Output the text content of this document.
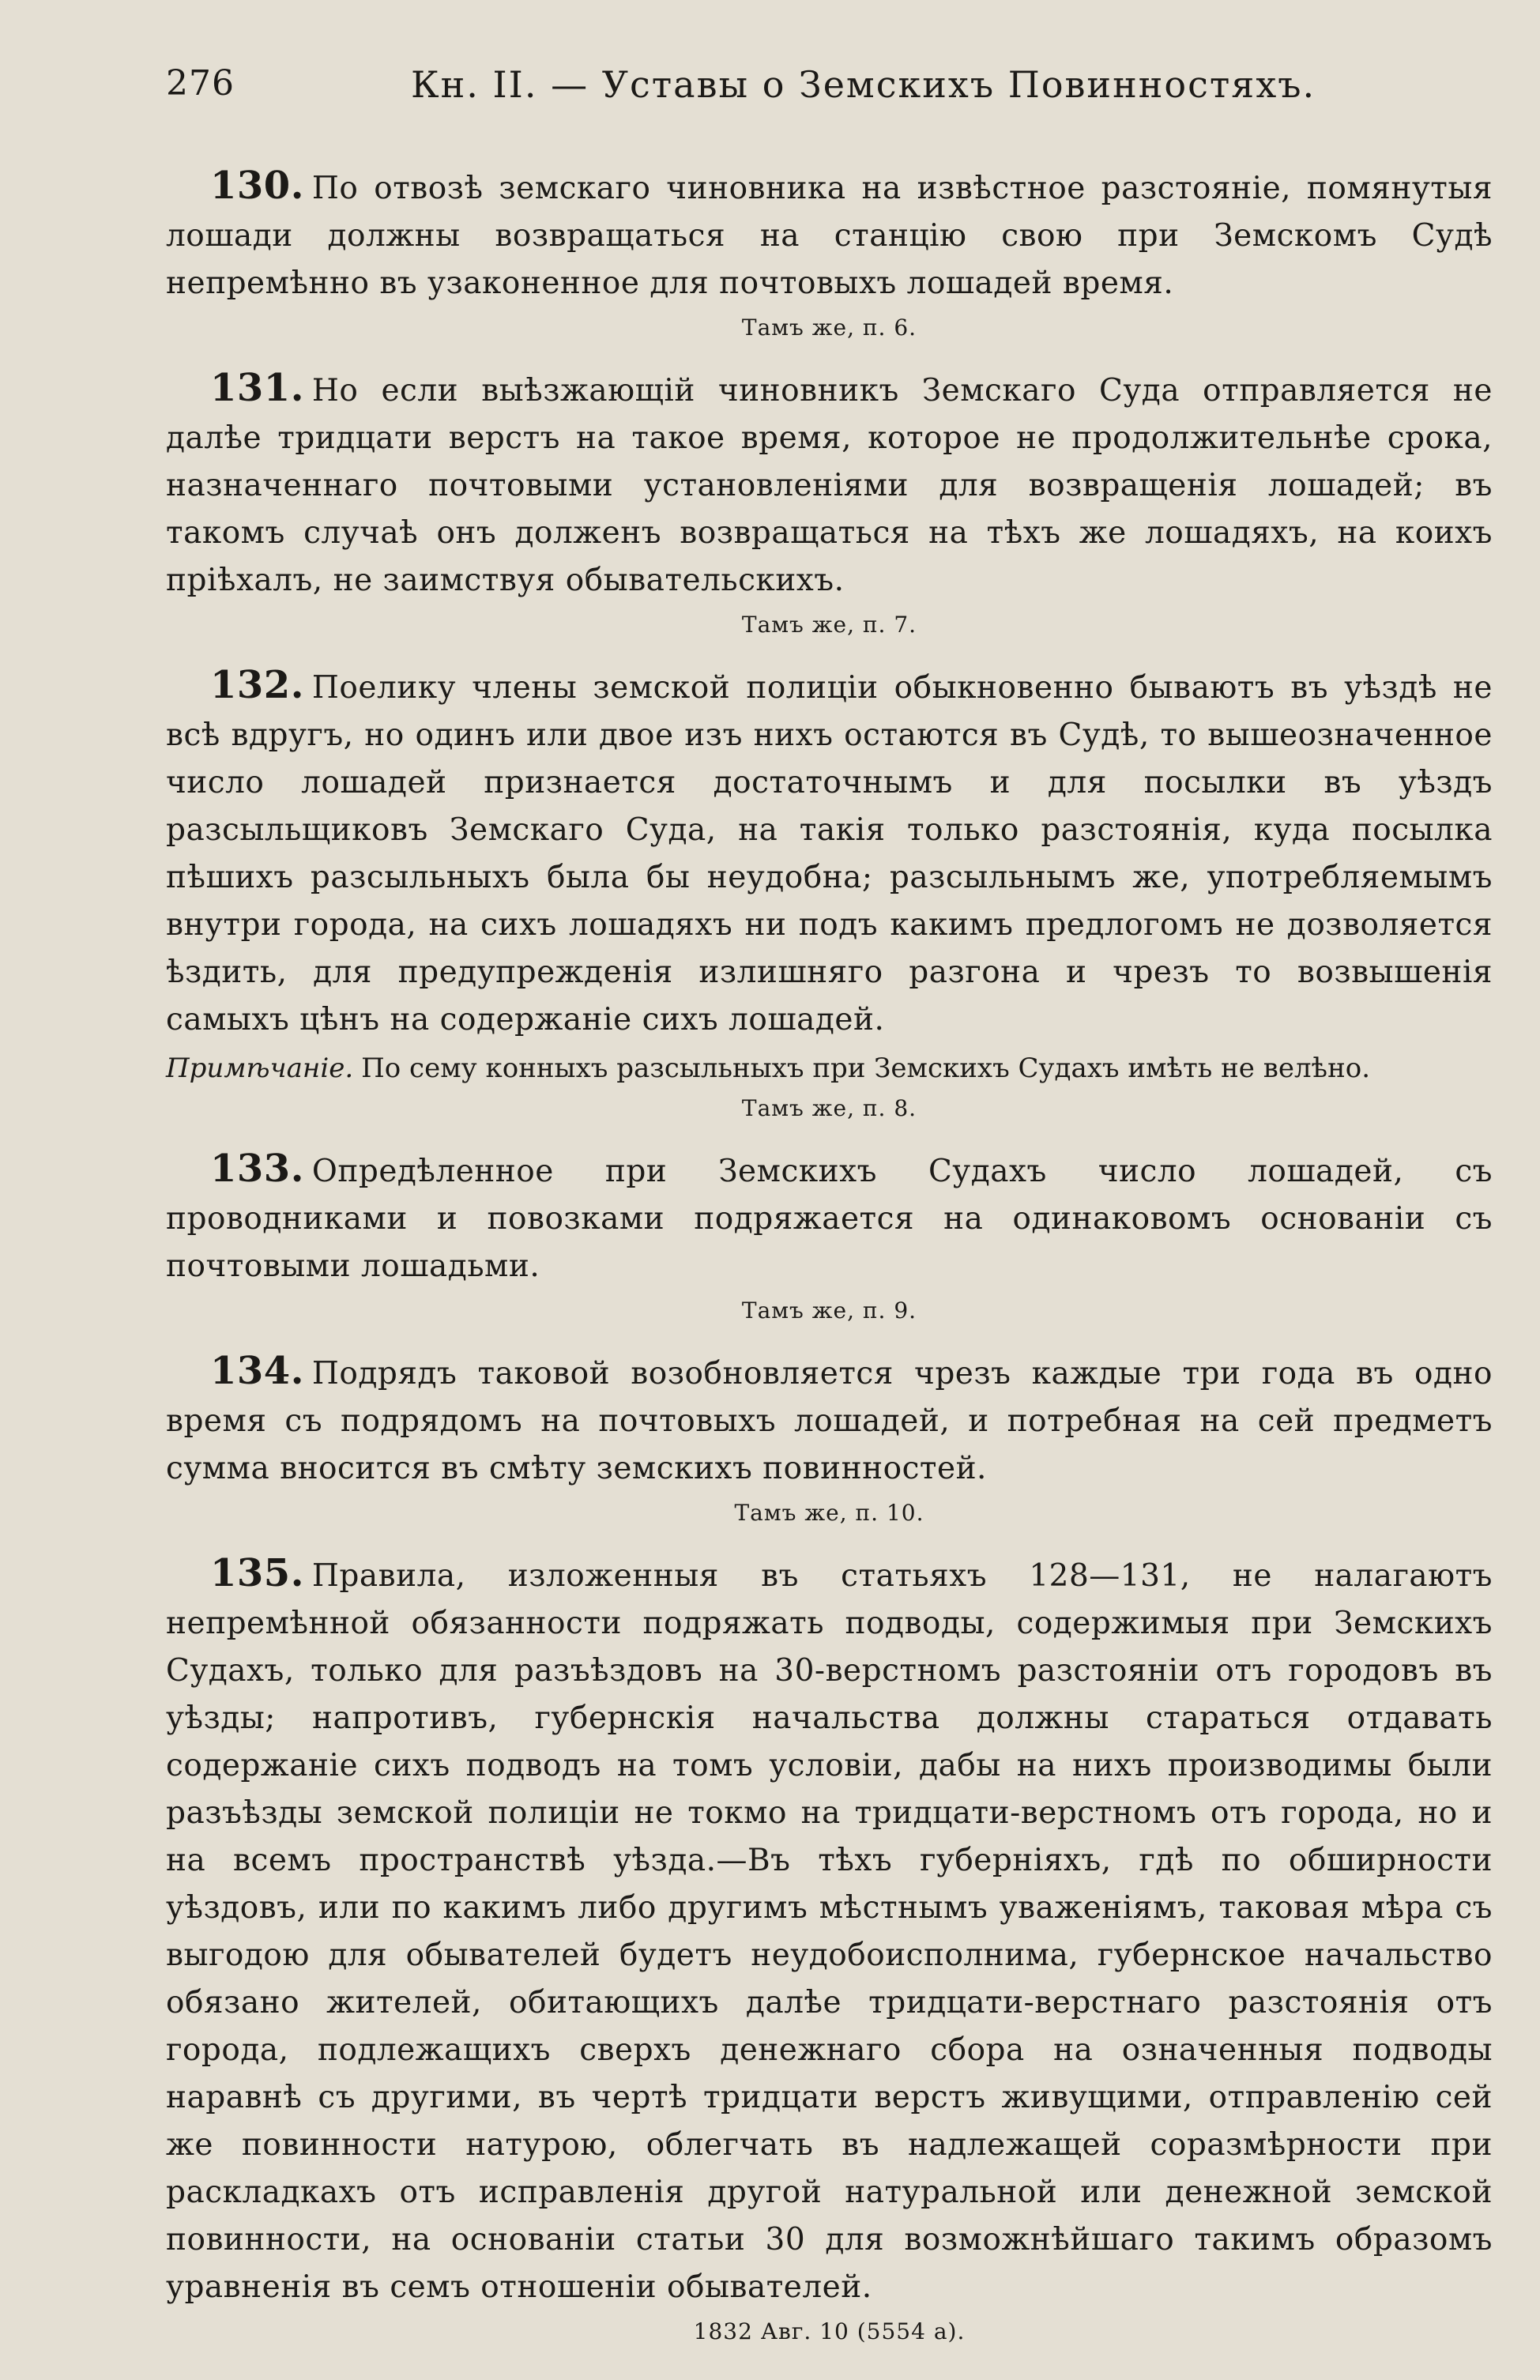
276	Кн. II. — Уставы о Земскихъ Повинностяхъ.

130. По отвозѣ земскаго чиновника на извѣстное разстояніе, помянутыя лошади должны возвращаться на станцію свою при Земскомъ Судѣ непремѣнно въ узаконенное для почтовыхъ лошадей время.

Тамъ же, п. 6.

131. Но если выѣзжающій чиновникъ Земскаго Суда отправляется не далѣе тридцати верстъ на такое время, которое не продолжительнѣе срока, назначеннаго почтовыми установленіями для возвращенія лошадей; въ такомъ случаѣ онъ долженъ возвращаться на тѣхъ же лошадяхъ, на коихъ пріѣхалъ, не заимствуя обывательскихъ.

Тамъ же, п. 7.

132. Поелику члены земской полиціи обыкновенно бываютъ въ уѣздѣ не всѣ вдругъ, но одинъ или двое изъ нихъ остаются въ Судѣ, то вышеозначенное число лошадей признается достаточнымъ и для посылки въ уѣздъ разсыльщиковъ Земскаго Суда, на такія только разстоянія, куда посылка пѣшихъ разсыльныхъ была бы неудобна; разсыльнымъ же, употребляемымъ внутри города, на сихъ лошадяхъ ни подъ какимъ предлогомъ не дозволяется ѣздить, для предупрежденія излишняго разгона и чрезъ то возвышенія самыхъ цѣнъ на содержаніе сихъ лошадей.

Примѣчаніе. По сему конныхъ разсыльныхъ при Земскихъ Судахъ имѣть не велѣно.
Тамъ же, п. 8.

133. Опредѣленное при Земскихъ Судахъ число лошадей, съ проводниками и повозками подряжается на одинаковомъ основаніи съ почтовыми лошадьми.

Тамъ же, п. 9.

134. Подрядъ таковой возобновляется чрезъ каждые три года въ одно время съ подрядомъ на почтовыхъ лошадей, и потребная на сей предметъ сумма вносится въ смѣту земскихъ повинностей.

Тамъ же, п. 10.

135. Правила, изложенныя въ статьяхъ 128—131, не налагаютъ непремѣнной обязанности подряжать подводы, содержимыя при Земскихъ Судахъ, только для разъѣздовъ на 30-верстномъ разстояніи отъ городовъ въ уѣзды; напротивъ, губернскія начальства должны стараться отдавать содержаніе сихъ подводъ на томъ условіи, дабы на нихъ производимы были разъѣзды земской полиціи не токмо на тридцати-верстномъ отъ города, но и на всемъ пространствѣ уѣзда.—Въ тѣхъ губерніяхъ, гдѣ по обширности уѣздовъ, или по какимъ либо другимъ мѣстнымъ уваженіямъ, таковая мѣра съ выгодою для обывателей будетъ неудобоисполнима, губернское начальство обязано жителей, обитающихъ далѣе тридцати-верстнаго разстоянія отъ города, подлежащихъ сверхъ денежнаго сбора на означенныя подводы наравнѣ съ другими, въ чертѣ тридцати верстъ живущими, отправленію сей же повинности натурою, облегчать въ надлежащей соразмѣрности при раскладкахъ отъ исправленія другой натуральной или денежной земской повинности, на основаніи статьи 30 для возможнѣйшаго такимъ образомъ уравненія въ семъ отношеніи обывателей.

1832 Авг. 10 (5554 а).
